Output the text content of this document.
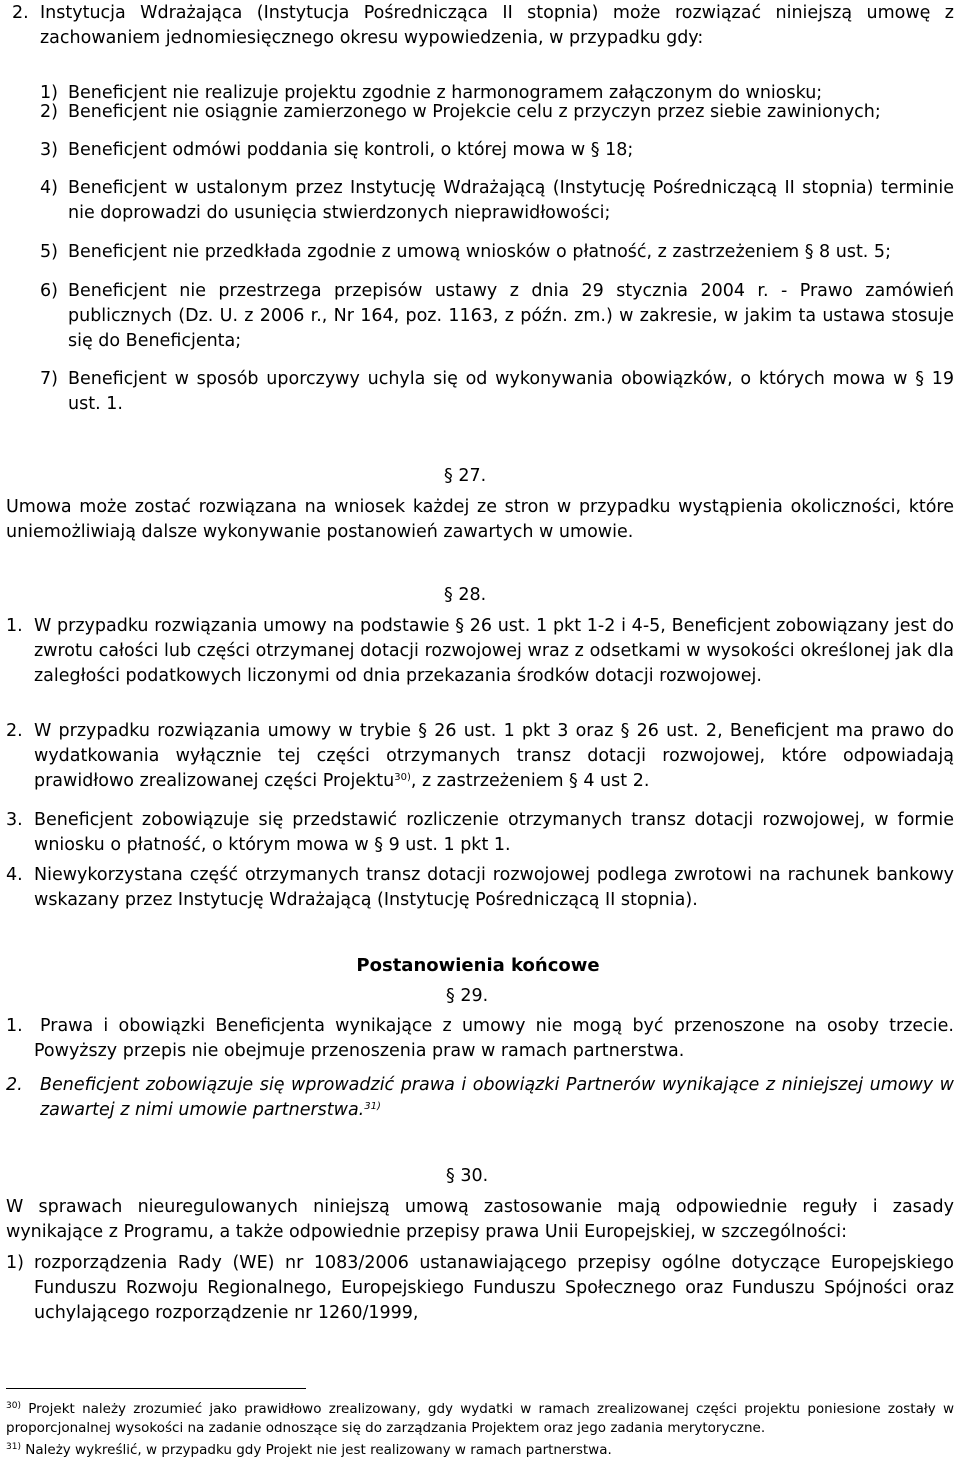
2. Instytucja Wdrażająca (Instytucja Pośrednicząca II stopnia) może rozwiązać niniejszą umowę z zachowaniem jednomiesięcznego okresu wypowiedzenia, w przypadku gdy:

1) Beneficjent nie realizuje projektu zgodnie z harmonogramem załączonym do wniosku;

2) Beneficjent nie osiągnie zamierzonego w Projekcie celu z przyczyn przez siebie zawinionych;

3) Beneficjent odmówi poddania się kontroli, o której mowa w § 18;

4) Beneficjent w ustalonym przez Instytucję Wdrażającą (Instytucję Pośredniczącą II stopnia) terminie nie doprowadzi do usunięcia stwierdzonych nieprawidłowości;

5) Beneficjent nie przedkłada zgodnie z umową wniosków o płatność, z zastrzeżeniem § 8 ust. 5;

6) Beneficjent nie przestrzega przepisów ustawy z dnia 29 stycznia 2004 r. - Prawo zamówień publicznych (Dz. U. z 2006 r., Nr 164, poz. 1163, z późn. zm.) w zakresie, w jakim ta ustawa stosuje się do Beneficjenta;

7) Beneficjent w sposób uporczywy uchyla się od wykonywania obowiązków, o których mowa w § 19 ust. 1.

§ 27.

Umowa może zostać rozwiązana na wniosek każdej ze stron w przypadku wystąpienia okoliczności, które uniemożliwiają dalsze wykonywanie postanowień zawartych w umowie.

§ 28.

1. W przypadku rozwiązania umowy na podstawie § 26 ust. 1 pkt 1-2 i 4-5, Beneficjent zobowiązany jest do zwrotu całości lub części otrzymanej dotacji rozwojowej wraz z odsetkami w wysokości określonej jak dla zaległości podatkowych liczonymi od dnia przekazania środków dotacji rozwojowej.

2. W przypadku rozwiązania umowy w trybie § 26 ust. 1 pkt 3 oraz § 26 ust. 2, Beneficjent ma prawo do wydatkowania wyłącznie tej części otrzymanych transz dotacji rozwojowej, które odpowiadają prawidłowo zrealizowanej części Projektu$^{30)}$, z zastrzeżeniem § 4 ust 2.

3. Beneficjent zobowiązuje się przedstawić rozliczenie otrzymanych transz dotacji rozwojowej, w formie wniosku o płatność, o którym mowa w § 9 ust. 1 pkt 1.

4. Niewykorzystana część otrzymanych transz dotacji rozwojowej podlega zwrotowi na rachunek bankowy wskazany przez Instytucję Wdrażającą (Instytucję Pośredniczącą II stopnia).

Postanowienia końcowe
§ 29.

1. Prawa i obowiązki Beneficjenta wynikające z umowy nie mogą być przenoszone na osoby trzecie. Powyższy przepis nie obejmuje przenoszenia praw w ramach partnerstwa.

2. Beneficjent zobowiązuje się wprowadzić prawa i obowiązki Partnerów wynikające z niniejszej umowy w zawartej z nimi umowie partnerstwa.$^{31)}$

§ 30.

W sprawach nieuregulowanych niniejszą umową zastosowanie mają odpowiednie reguły i zasady wynikające z Programu, a także odpowiednie przepisy prawa Unii Europejskiej, w szczególności:

1) rozporządzenia Rady (WE) nr 1083/2006 ustanawiającego przepisy ogólne dotyczące Europejskiego Funduszu Rozwoju Regionalnego, Europejskiego Funduszu Społecznego oraz Funduszu Spójności oraz uchylającego rozporządzenie nr 1260/1999,

$^{30)}$ Projekt należy zrozumieć jako prawidłowo zrealizowany, gdy wydatki w ramach zrealizowanej części projektu poniesione zostały w proporcjonalnej wysokości na zadanie odnoszące się do zarządzania Projektem oraz jego zadania merytoryczne.

$^{31)}$ Należy wykreślić, w przypadku gdy Projekt nie jest realizowany w ramach partnerstwa.
